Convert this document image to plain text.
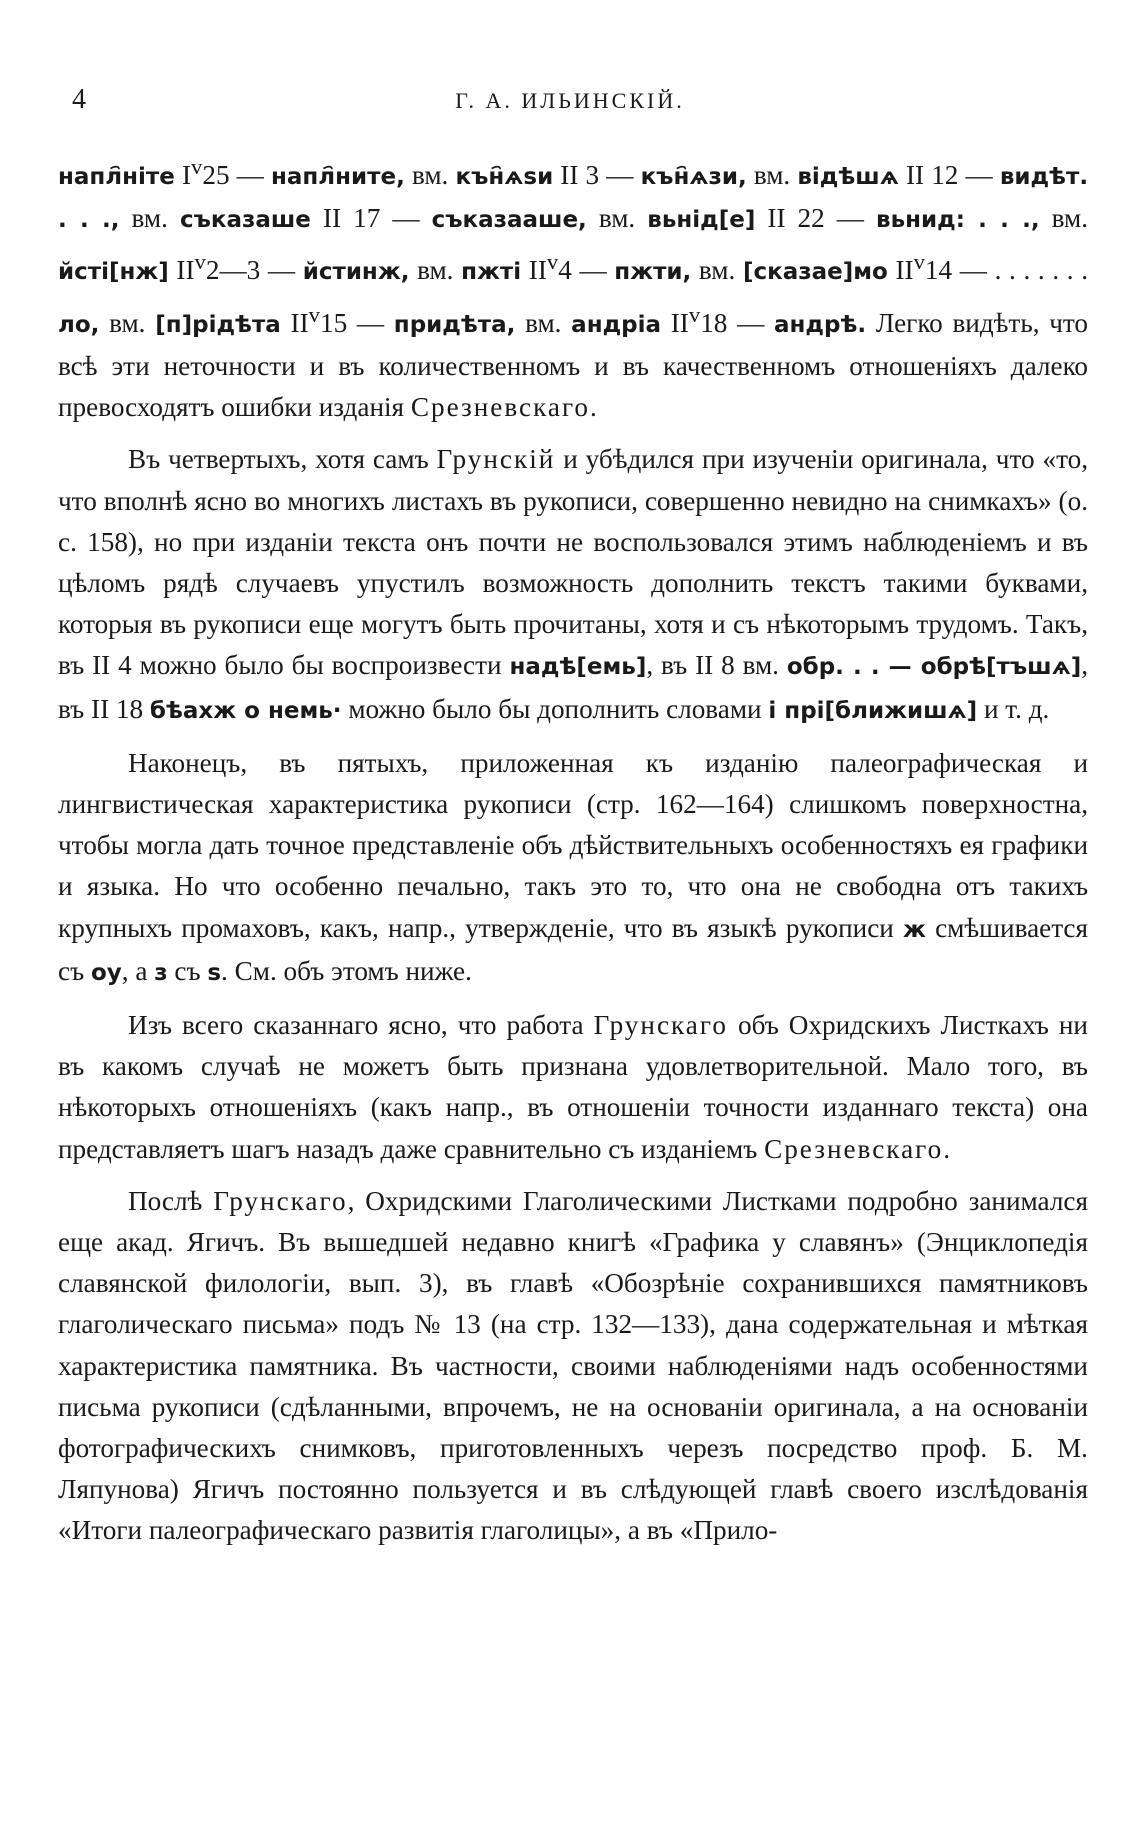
4	Г. А. ИЛЬИНСКІЙ.

напл҄ніте $I^v25$ — напл҄ните, вм. кън҄ѧѕи II 3 — кън҄ѧзи, вм. відѣшѧ II 12 — видѣт. . . ., вм. съказаше II 17 — съказааше, вм. вьнід[е] II 22 — вьнид: . . ., вм. йсті[нж] $II^v2—3$ — йстинж, вм. пжті $II^v4$ — пжти, вм. [сказае]мо $II^v14$ — . . . . . . . ло, вм. [п]рідѣта $II^v15$ — придѣта, вм. андріа $II^v18$ — андрѣ. Легко видѣть, что всѣ эти неточности и въ количественномъ и въ качественномъ отношеніяхъ далеко превосходятъ ошибки изданія Срезневскаго.

Въ четвертыхъ, хотя самъ Грунскій и убѣдился при изученіи оригинала, что «то, что вполнѣ ясно во многихъ листахъ въ рукописи, совершенно невидно на снимкахъ» (о. с. 158), но при изданіи текста онъ почти не воспользовался этимъ наблюденіемъ и въ цѣломъ рядѣ случаевъ упустилъ возможность дополнить текстъ такими буквами, которыя въ рукописи еще могутъ быть прочитаны, хотя и съ нѣкоторымъ трудомъ. Такъ, въ II 4 можно было бы воспроизвести надѣ[емь], въ II 8 вм. обр. . . — обрѣ[тъшѧ], въ II 18 бѣахж о немь· можно было бы дополнить словами і прі[ближишѧ] и т. д.

Наконецъ, въ пятыхъ, приложенная къ изданію палеографическая и лингвистическая характеристика рукописи (стр. 162—164) слишкомъ поверхностна, чтобы могла дать точное представленіе объ дѣйствительныхъ особенностяхъ ея графики и языка. Но что особенно печально, такъ это то, что она не свободна отъ такихъ крупныхъ промаховъ, какъ, напр., утвержденіе, что въ языкѣ рукописи ж смѣшивается съ оу, а з съ ѕ. См. объ этомъ ниже.

Изъ всего сказаннаго ясно, что работа Грунскаго объ Охридскихъ Листкахъ ни въ какомъ случаѣ не можетъ быть признана удовлетворительной. Мало того, въ нѣкоторыхъ отношеніяхъ (какъ напр., въ отношеніи точности изданнаго текста) она представляетъ шагъ назадъ даже сравнительно съ изданіемъ Срезневскаго.

Послѣ Грунскаго, Охридскими Глаголическими Листками подробно занимался еще акад. Ягичъ. Въ вышедшей недавно книгѣ «Графика у славянъ» (Энциклопедія славянской филологіи, вып. 3), въ главѣ «Обозрѣніе сохранившихся памятниковъ глаголическаго письма» подъ № 13 (на стр. 132—133), дана содержательная и мѣткая характеристика памятника. Въ частности, своими наблюденіями надъ особенностями письма рукописи (сдѣланными, впрочемъ, не на основаніи оригинала, а на основаніи фотографическихъ снимковъ, приготовленныхъ черезъ посредство проф. Б. М. Ляпунова) Ягичъ постоянно пользуется и въ слѣдующей главѣ своего изслѣдованія «Итоги палеографическаго развитія глаголицы», а въ «Прило-
